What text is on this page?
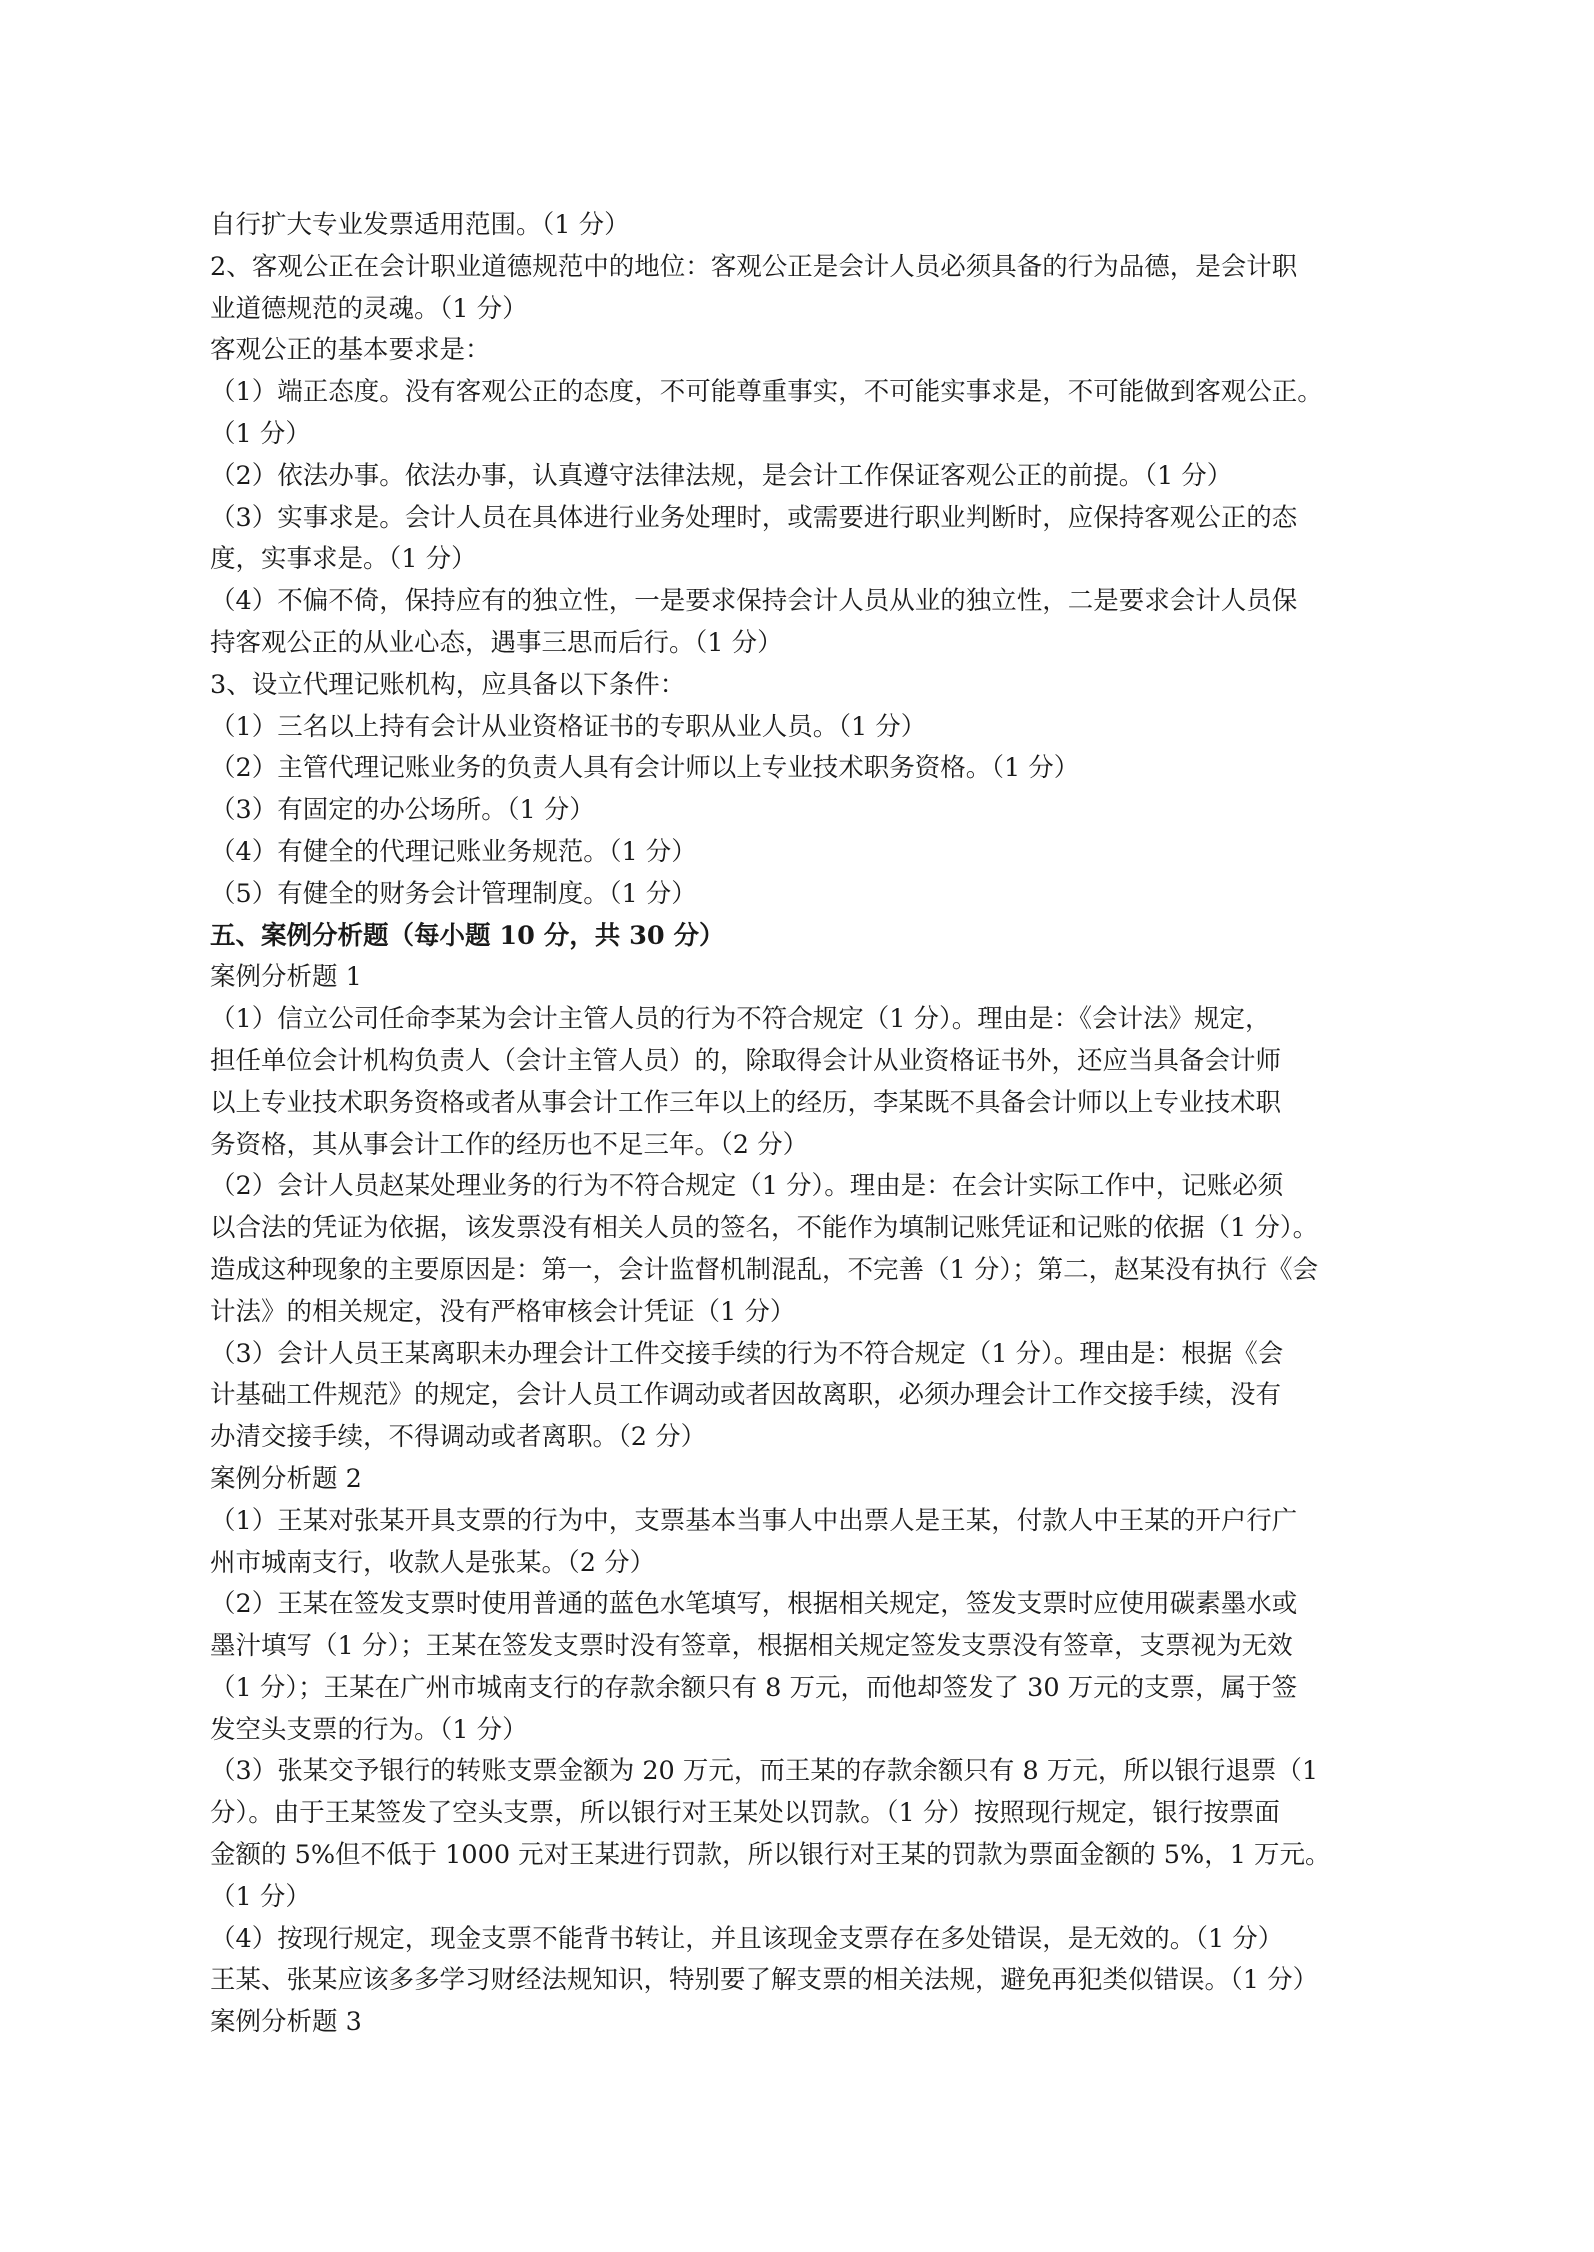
自行扩大专业发票适用范围。（1 分）
2、客观公正在会计职业道德规范中的地位：客观公正是会计人员必须具备的行为品德，是会计职
业道德规范的灵魂。（1 分）
客观公正的基本要求是：
（1）端正态度。没有客观公正的态度，不可能尊重事实，不可能实事求是，不可能做到客观公正。
（1 分）
（2）依法办事。依法办事，认真遵守法律法规，是会计工作保证客观公正的前提。（1 分）
（3）实事求是。会计人员在具体进行业务处理时，或需要进行职业判断时，应保持客观公正的态
度，实事求是。（1 分）
（4）不偏不倚，保持应有的独立性，一是要求保持会计人员从业的独立性，二是要求会计人员保
持客观公正的从业心态，遇事三思而后行。（1 分）
3、设立代理记账机构，应具备以下条件：
（1）三名以上持有会计从业资格证书的专职从业人员。（1 分）
（2）主管代理记账业务的负责人具有会计师以上专业技术职务资格。（1 分）
（3）有固定的办公场所。（1 分）
（4）有健全的代理记账业务规范。（1 分）
（5）有健全的财务会计管理制度。（1 分）
五、案例分析题（每小题 10 分，共 30 分）
案例分析题 1
（1）信立公司任命李某为会计主管人员的行为不符合规定（1 分）。理由是：《会计法》规定，
担任单位会计机构负责人（会计主管人员）的，除取得会计从业资格证书外，还应当具备会计师
以上专业技术职务资格或者从事会计工作三年以上的经历，李某既不具备会计师以上专业技术职
务资格，其从事会计工作的经历也不足三年。（2 分）
（2）会计人员赵某处理业务的行为不符合规定（1 分）。理由是：在会计实际工作中，记账必须
以合法的凭证为依据，该发票没有相关人员的签名，不能作为填制记账凭证和记账的依据（1 分）。
造成这种现象的主要原因是：第一，会计监督机制混乱，不完善（1 分）；第二，赵某没有执行《会
计法》的相关规定，没有严格审核会计凭证（1 分）
（3）会计人员王某离职未办理会计工件交接手续的行为不符合规定（1 分）。理由是：根据《会
计基础工件规范》的规定，会计人员工作调动或者因故离职，必须办理会计工作交接手续，没有
办清交接手续，不得调动或者离职。（2 分）
案例分析题 2
（1）王某对张某开具支票的行为中，支票基本当事人中出票人是王某，付款人中王某的开户行广
州市城南支行，收款人是张某。（2 分）
（2）王某在签发支票时使用普通的蓝色水笔填写，根据相关规定，签发支票时应使用碳素墨水或
墨汁填写（1 分）；王某在签发支票时没有签章，根据相关规定签发支票没有签章，支票视为无效
（1 分）；王某在广州市城南支行的存款余额只有 8 万元，而他却签发了 30 万元的支票，属于签
发空头支票的行为。（1 分）
（3）张某交予银行的转账支票金额为 20 万元，而王某的存款余额只有 8 万元，所以银行退票（1
分）。由于王某签发了空头支票，所以银行对王某处以罚款。（1 分）按照现行规定，银行按票面
金额的 5%但不低于 1000 元对王某进行罚款，所以银行对王某的罚款为票面金额的 5%，1 万元。
（1 分）
（4）按现行规定，现金支票不能背书转让，并且该现金支票存在多处错误，是无效的。（1 分）
王某、张某应该多多学习财经法规知识，特别要了解支票的相关法规，避免再犯类似错误。（1 分）
案例分析题 3
